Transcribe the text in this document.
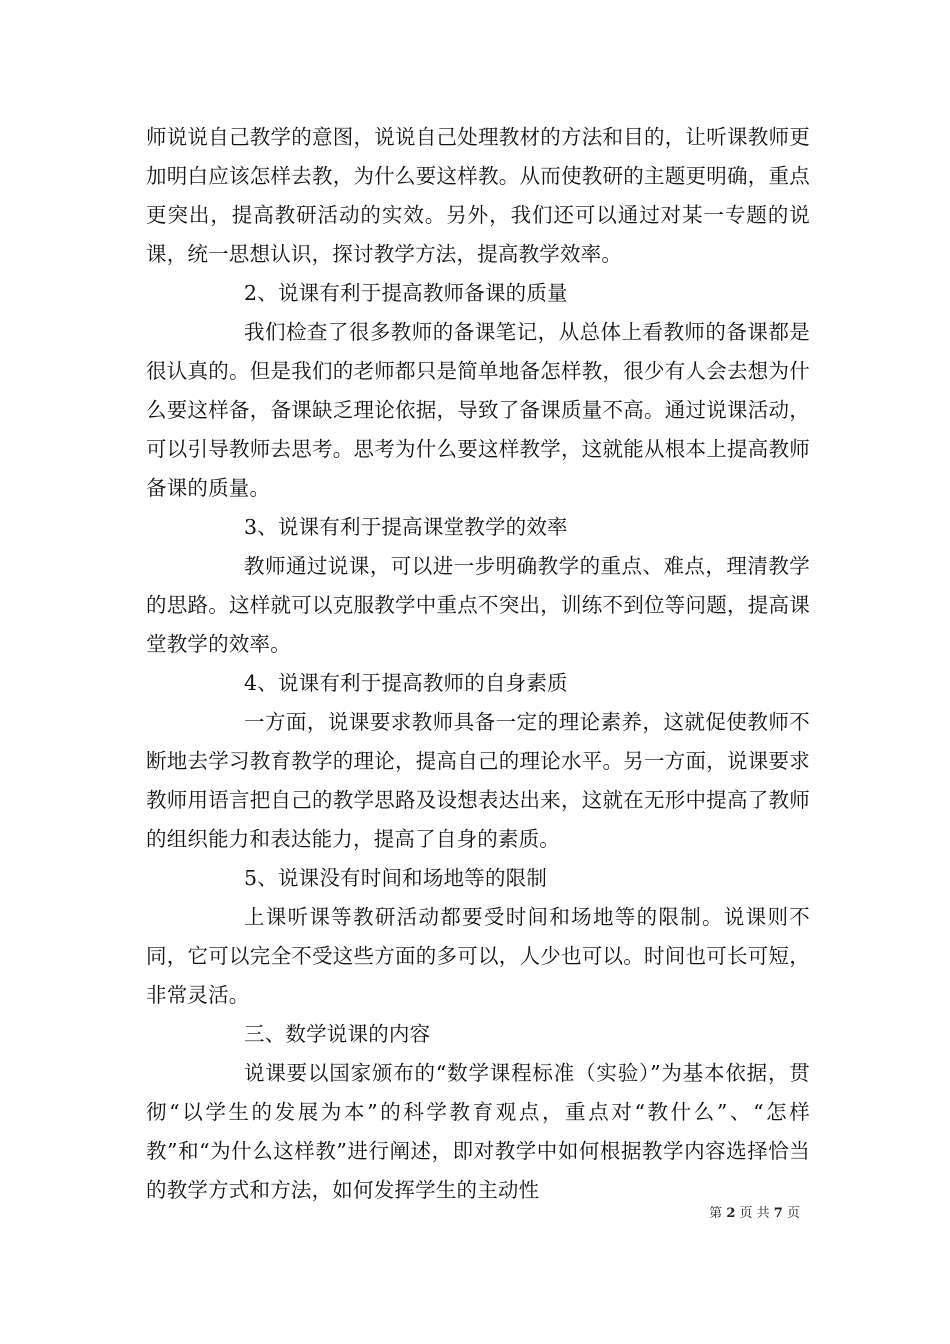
师说说自己教学的意图，说说自己处理教材的方法和目的，让听课教师更加明白应该怎样去教，为什么要这样教。从而使教研的主题更明确，重点更突出，提高教研活动的实效。另外，我们还可以通过对某一专题的说课，统一思想认识，探讨教学方法，提高教学效率。

2、说课有利于提高教师备课的质量

我们检查了很多教师的备课笔记，从总体上看教师的备课都是很认真的。但是我们的老师都只是简单地备怎样教，很少有人会去想为什么要这样备，备课缺乏理论依据，导致了备课质量不高。通过说课活动，可以引导教师去思考。思考为什么要这样教学，这就能从根本上提高教师备课的质量。

3、说课有利于提高课堂教学的效率

教师通过说课，可以进一步明确教学的重点、难点，理清教学的思路。这样就可以克服教学中重点不突出，训练不到位等问题，提高课堂教学的效率。

4、说课有利于提高教师的自身素质

一方面，说课要求教师具备一定的理论素养，这就促使教师不断地去学习教育教学的理论，提高自己的理论水平。另一方面，说课要求教师用语言把自己的教学思路及设想表达出来，这就在无形中提高了教师的组织能力和表达能力，提高了自身的素质。

5、说课没有时间和场地等的限制

上课听课等教研活动都要受时间和场地等的限制。说课则不同，它可以完全不受这些方面的多可以，人少也可以。时间也可长可短，非常灵活。

三、数学说课的内容

说课要以国家颁布的“数学课程标准（实验）”为基本依据，贯彻“以学生的发展为本”的科学教育观点，重点对“教什么”、“怎样教”和“为什么这样教”进行阐述，即对教学中如何根据教学内容选择恰当的教学方式和方法，如何发挥学生的主动性

第 2 页 共 7 页
